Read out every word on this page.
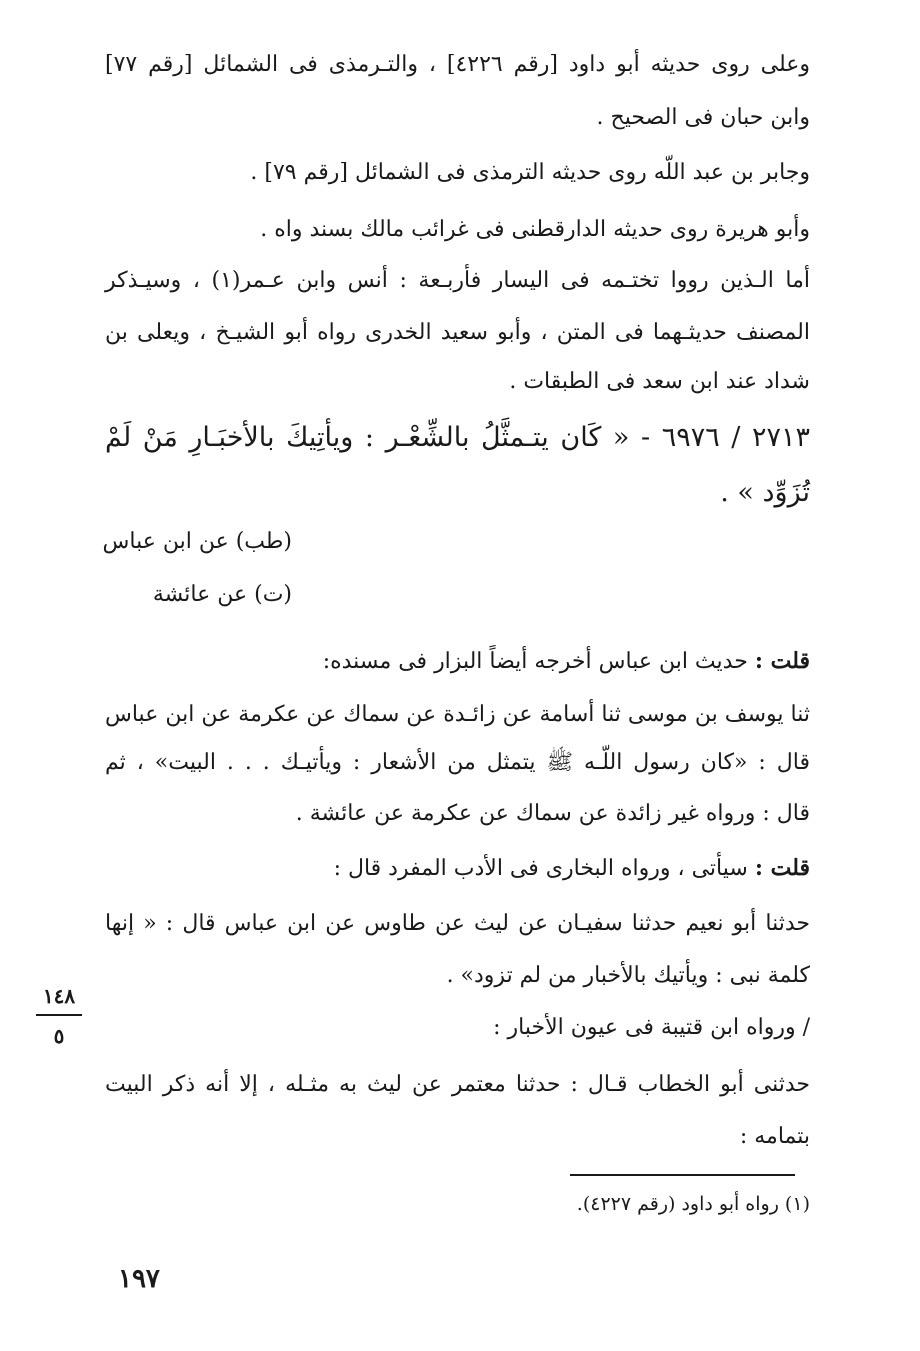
وعلى روى حديثه أبو داود [رقم ٤٢٢٦] ، والتـرمذى فى الشمائل [رقم ٧٧]
وابن حبان فى الصحيح .
وجابر بن عبد اللّه روى حديثه الترمذى فى الشمائل [رقم ٧٩] .
وأبو هريرة روى حديثه الدارقطنى فى غرائب مالك بسند واه .
أما الـذين رووا تختـمه فى اليسار فأربـعة : أنس وابن عـمر(١) ، وسيـذكر
المصنف حديثـهما فى المتن ، وأبو سعيد الخدرى رواه أبو الشيـخ ، ويعلى بن
شداد عند ابن سعد فى الطبقات .
٢٧١٣ / ٦٩٧٦ - « كَان يتـمثَّلُ بالشِّعْـر : ويأتِيكَ بالأخبَـارِ مَنْ لَمْ
تُزَوِّد » .
(طب) عن ابن عباس
(ت) عن عائشة
قلت : حديث ابن عباس أخرجه أيضاً البزار فى مسنده:
ثنا يوسف بن موسى ثنا أسامة عن زائـدة عن سماك عن عكرمة عن ابن عباس
قال : «كان رسول اللّـه ﷺ يتمثل من الأشعار : ويأتيـك . . . البيت» ، ثم
قال : ورواه غير زائدة عن سماك عن عكرمة عن عائشة .
قلت : سيأتى ، ورواه البخارى فى الأدب المفرد قال :
حدثنا أبو نعيم حدثنا سفيـان عن ليث عن طاوس عن ابن عباس قال : « إنها
كلمة نبى : ويأتيك بالأخبار من لم تزود» .
/ ورواه ابن قتيبة فى عيون الأخبار :
حدثنى أبو الخطاب قـال : حدثنا معتمر عن ليث به مثـله ، إلا أنه ذكر البيت
بتمامه :
١٤٨
٥
(١) رواه أبو داود (رقم ٤٢٢٧).
١٩٧
